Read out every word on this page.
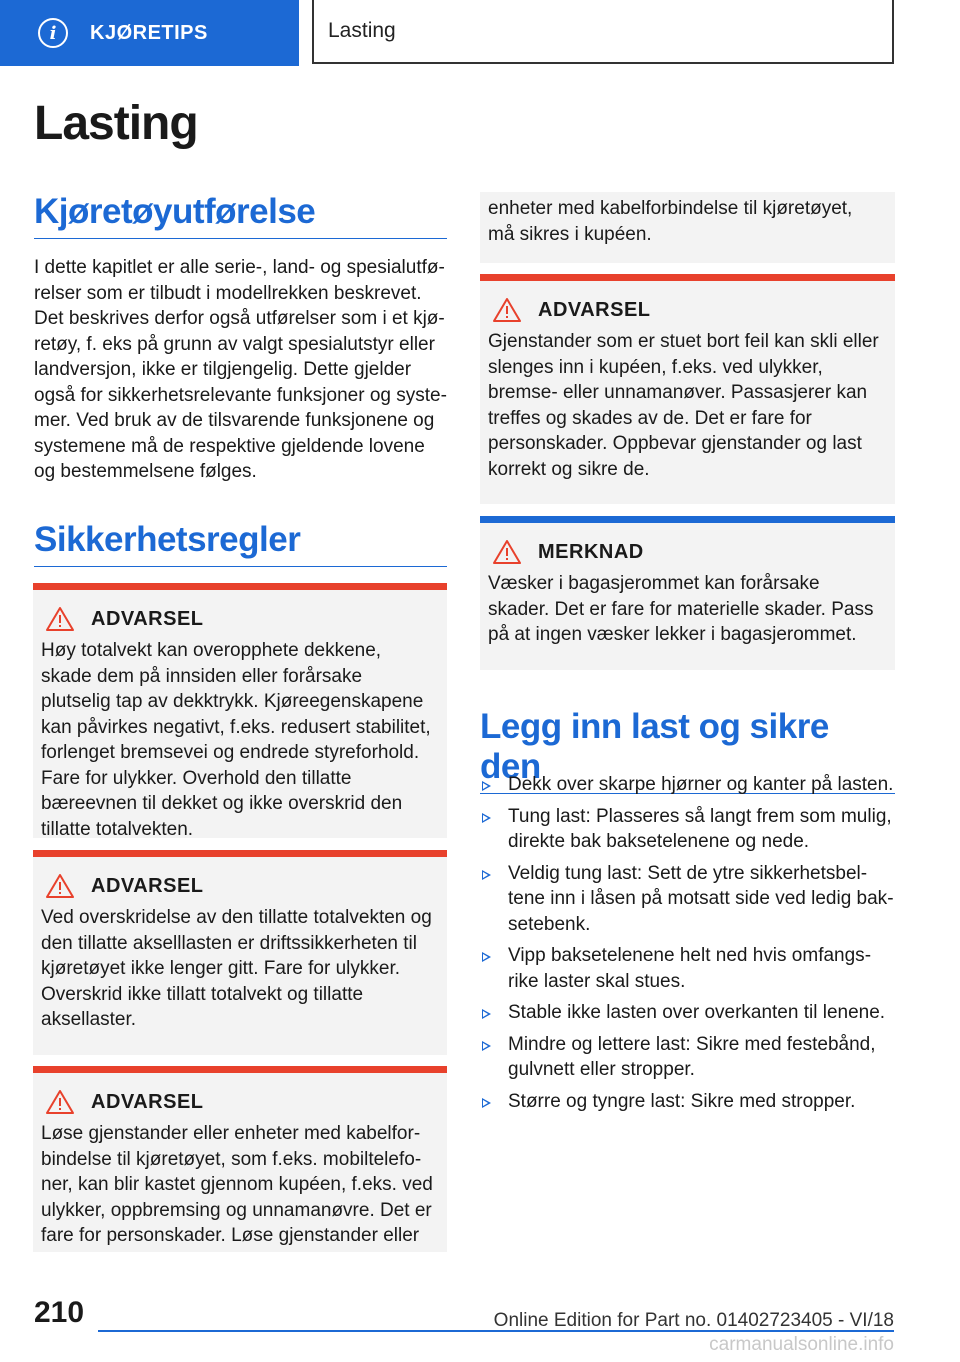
i	KJØRETIPS	Lasting
Lasting
Kjøretøyutførelse

I dette kapitlet er alle serie-, land- og spesialutførelser som er tilbudt i modellrekken beskrevet. Det beskrives derfor også utførelser som i et kjøretøy, f. eks på grunn av valgt spesialutstyr eller landversjon, ikke er tilgjengelig. Dette gjelder også for sikkerhetsrelevante funksjoner og systemer. Ved bruk av de tilsvarende funksjonene og systemene må de respektive gjeldende lovene og bestemmelsene følges.

Sikkerhetsregler
ADVARSEL

Høy totalvekt kan overopphete dekkene, skade dem på innsiden eller forårsake plutselig tap av dekktrykk. Kjøreegenskapene kan påvirkes negativt, f.eks. redusert stabilitet, forlenget bremsevei og endrede styreforhold. Fare for ulykker. Overhold den tillatte bæreevnen til dekket og ikke overskrid den tillatte totalvekten.

ADVARSEL

Ved overskridelse av den tillatte totalvekten og den tillatte akselllasten er driftssikkerheten til kjøretøyet ikke lenger gitt. Fare for ulykker. Overskrid ikke tillatt totalvekt og tillatte aksellaster.

ADVARSEL

Løse gjenstander eller enheter med kabelforbindelse til kjøretøyet, som f.eks. mobiltelefoner, kan blir kastet gjennom kupéen, f.eks. ved ulykker, oppbremsing og unnamanøvre. Det er fare for personskader. Løse gjenstander eller

enheter med kabelforbindelse til kjøretøyet, må sikres i kupéen.

ADVARSEL

Gjenstander som er stuet bort feil kan skli eller slenges inn i kupéen, f.eks. ved ulykker, bremse- eller unnamanøver. Passasjerer kan treffes og skades av de. Det er fare for personskader. Oppbevar gjenstander og last korrekt og sikre de.

MERKNAD

Væsker i bagasjerommet kan forårsake skader. Det er fare for materielle skader. Pass på at ingen væsker lekker i bagasjerommet.

Legg inn last og sikre den
Dekk over skarpe hjørner og kanter på lasten.
Tung last: Plasseres så langt frem som mulig, direkte bak baksetelenene og nede.
Veldig tung last: Sett de ytre sikkerhetsbeltene inn i låsen på motsatt side ved ledig baksetebenk.
Vipp baksetelenene helt ned hvis omfangsrike laster skal stues.
Stable ikke lasten over overkanten til lenene.
Mindre og lettere last: Sikre med festebånd, gulvnett eller stropper.
Større og tyngre last: Sikre med stropper.
210	Online Edition for Part no. 01402723405 - VI/18
carmanualsonline.info
